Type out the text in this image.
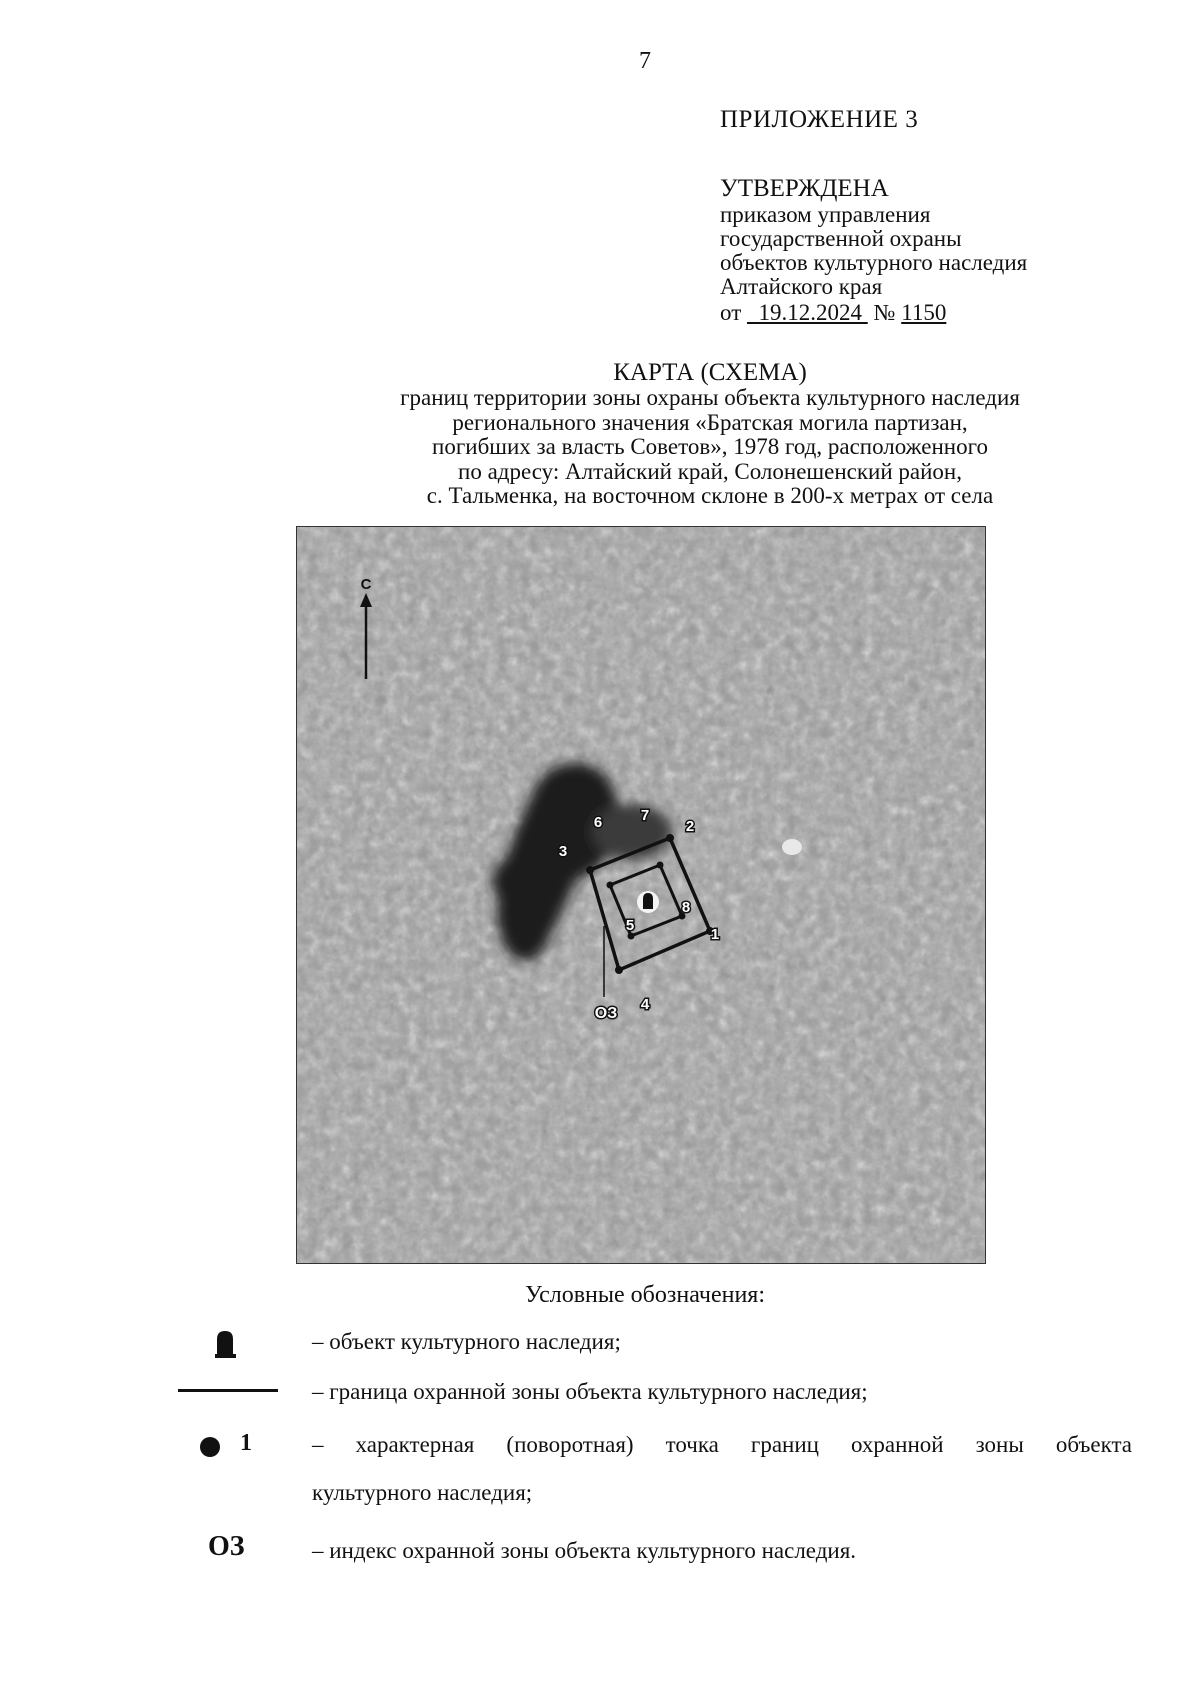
7
ПРИЛОЖЕНИЕ 3
УТВЕРЖДЕНА
приказом управления
государственной охраны
объектов культурного наследия
Алтайского края
от 19.12.2024 № 1150
КАРТА (СХЕМА)
границ территории зоны охраны объекта культурного наследия
регионального значения «Братская могила партизан,
погибших за власть Советов», 1978 год, расположенного
по адресу: Алтайский край, Солонешенский район,
с. Тальменка, на восточном склоне в 200-х метрах от села
С
1
2
3
4
5
6	7
8
ОЗ
Условные обозначения:
– объект культурного наследия;
– граница охранной зоны объекта культурного наследия;
1	– характерная (поворотная) точка границ охранной зоны объекта
культурного наследия;
ОЗ	– индекс охранной зоны объекта культурного наследия.
